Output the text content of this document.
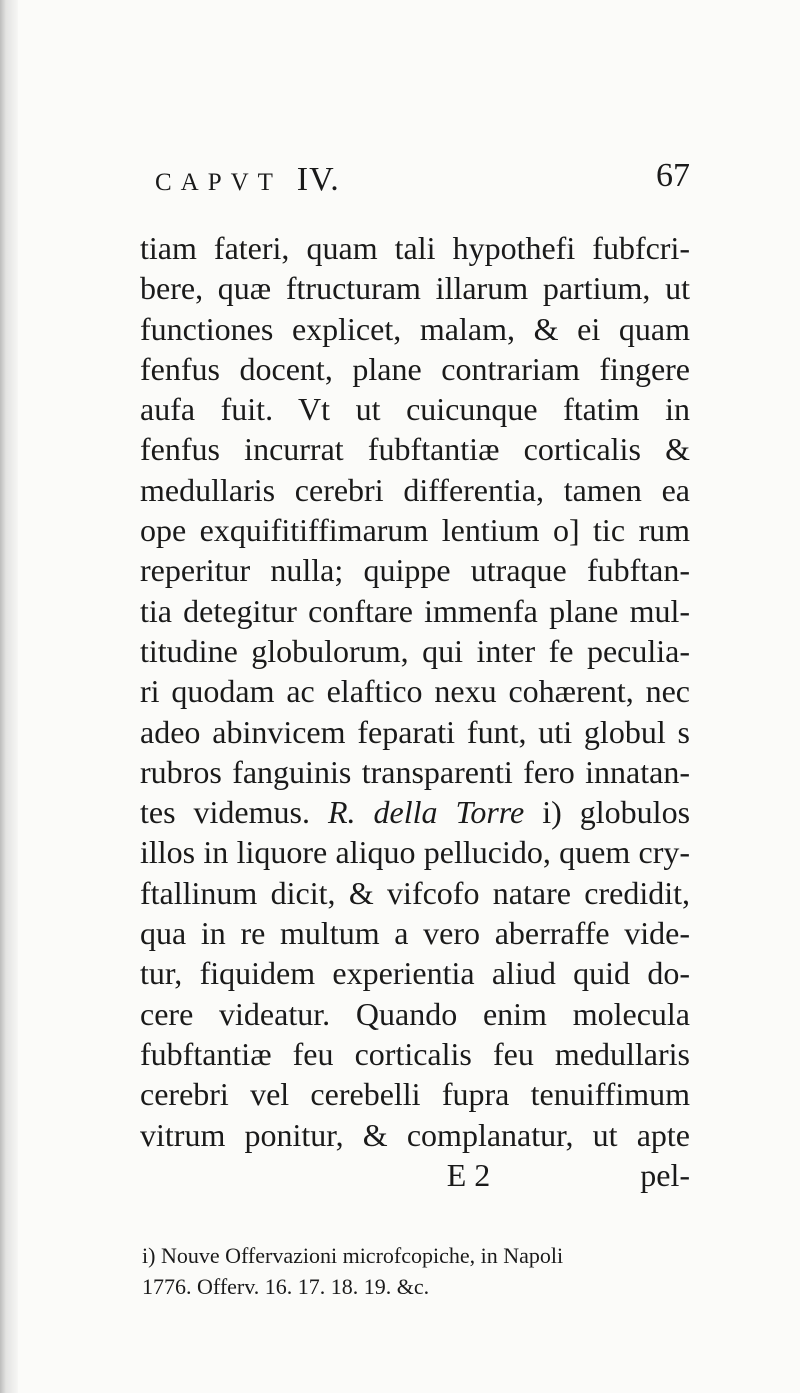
CAPVT IV.	67
tiam fateri, quam tali hypothefi fubfcri-
bere, quæ ftructuram illarum partium, ut
functiones explicet, malam, & ei quam
fenfus docent, plane contrariam fingere
aufa fuit. Vt ut cuicunque ftatim in
fenfus incurrat fubftantiæ corticalis &
medullaris cerebri differentia, tamen ea
ope exquifitiffimarum lentium o] tic rum
reperitur nulla; quippe utraque fubftan-
tia detegitur conftare immenfa plane mul-
titudine globulorum, qui inter fe peculia-
ri quodam ac elaftico nexu cohærent, nec
adeo abinvicem feparati funt, uti globul s
rubros fanguinis transparenti fero innatan-
tes videmus. R. della Torre i) globulos
illos in liquore aliquo pellucido, quem cry-
ftallinum dicit, & vifcofo natare credidit,
qua in re multum a vero aberraffe vide-
tur, fiquidem experientia aliud quid do-
cere videatur. Quando enim molecula
fubftantiæ feu corticalis feu medullaris
cerebri vel cerebelli fupra tenuiffimum
vitrum ponitur, & complanatur, ut apte
E 2	pel-
i) Nouve Offervazioni microfcopiche, in Napoli
1776. Offerv. 16. 17. 18. 19. &c.
